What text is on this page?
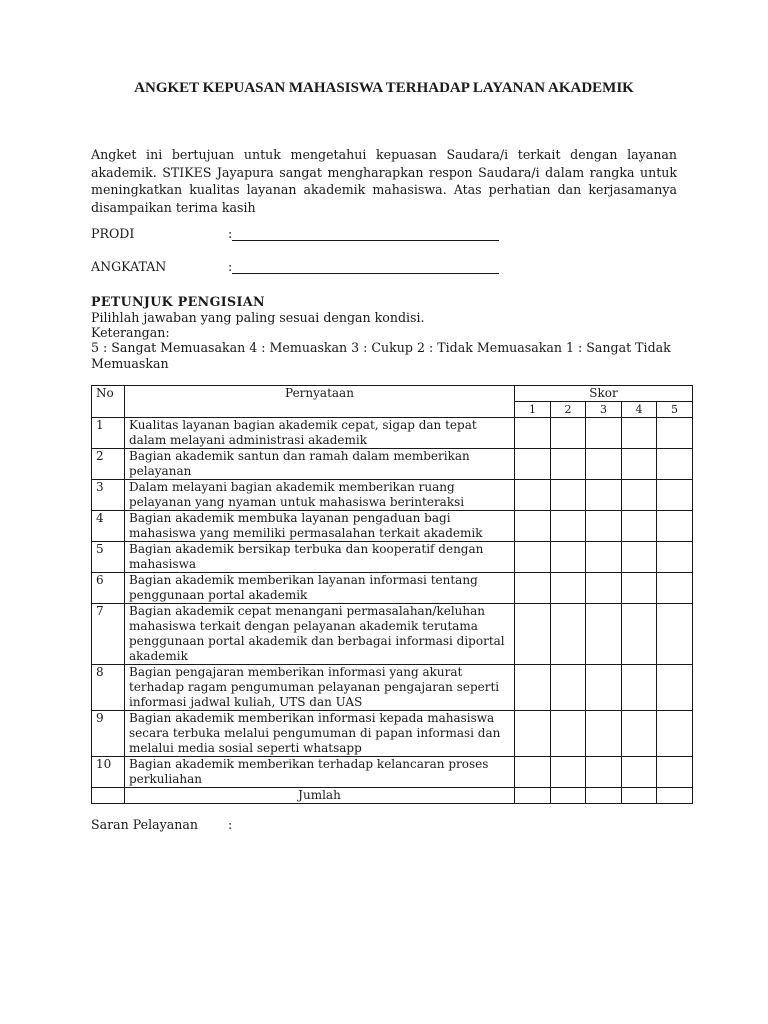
ANGKET KEPUASAN MAHASISWA TERHADAP LAYANAN AKADEMIK
Angket ini bertujuan untuk mengetahui kepuasan Saudara/i terkait dengan layanan akademik. STIKES Jayapura sangat mengharapkan respon Saudara/i dalam rangka untuk meningkatkan kualitas layanan akademik mahasiswa. Atas perhatian dan kerjasamanya disampaikan terima kasih
PRODI	:
ANGKATAN	:
PETUNJUK PENGISIAN
Pilihlah jawaban yang paling sesuai dengan kondisi.
Keterangan:
5 : Sangat Memuasakan 4 : Memuaskan 3 : Cukup 2 : Tidak Memuasakan 1 : Sangat Tidak Memuaskan
No	Pernyataan	Skor				
		1	2	3	4	5
1	Kualitas layanan bagian akademik cepat, sigap dan tepat dalam melayani administrasi akademik					
2	Bagian akademik santun dan ramah dalam memberikan pelayanan					
3	Dalam melayani bagian akademik memberikan ruang pelayanan yang nyaman untuk mahasiswa berinteraksi					
4	Bagian akademik membuka layanan pengaduan bagi mahasiswa yang memiliki permasalahan terkait akademik					
5	Bagian akademik bersikap terbuka dan kooperatif dengan mahasiswa					
6	Bagian akademik memberikan layanan informasi tentang penggunaan portal akademik					
7	Bagian akademik cepat menangani permasalahan/keluhan mahasiswa terkait dengan pelayanan akademik terutama penggunaan portal akademik dan berbagai informasi diportal akademik					
8	Bagian pengajaran memberikan informasi yang akurat terhadap ragam pengumuman pelayanan pengajaran seperti informasi jadwal kuliah, UTS dan UAS					
9	Bagian akademik memberikan informasi kepada mahasiswa secara terbuka melalui pengumuman di papan informasi dan melalui media sosial seperti whatsapp					
10	Bagian akademik memberikan terhadap kelancaran proses perkuliahan					
	Jumlah					
Saran Pelayanan :
